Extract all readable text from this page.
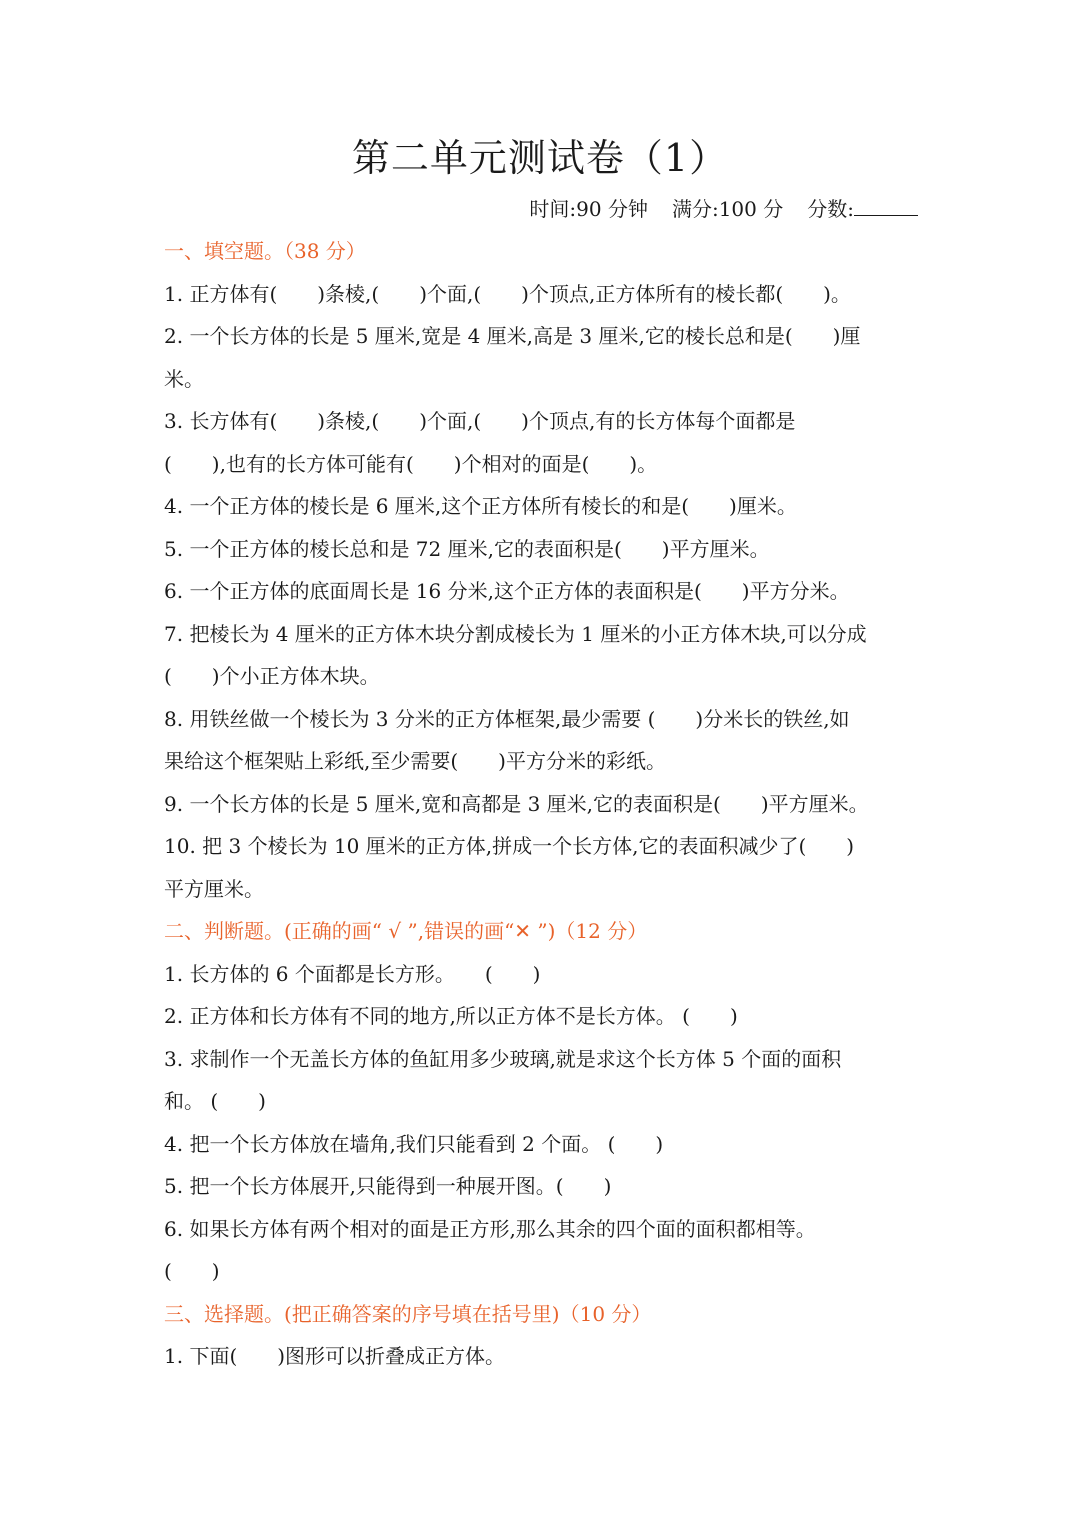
第二单元测试卷（1）
时间:90 分钟 满分:100 分 分数:
一、填空题。（38 分）
1. 正方体有(　　)条棱,(　　)个面,(　　)个顶点,正方体所有的棱长都(　　)。
2. 一个长方体的长是 5 厘米,宽是 4 厘米,高是 3 厘米,它的棱长总和是(　　)厘
米。
3. 长方体有(　　)条棱,(　　)个面,(　　)个顶点,有的长方体每个面都是
(　　),也有的长方体可能有(　　)个相对的面是(　　)。
4. 一个正方体的棱长是 6 厘米,这个正方体所有棱长的和是(　　)厘米。
5. 一个正方体的棱长总和是 72 厘米,它的表面积是(　　)平方厘米。
6. 一个正方体的底面周长是 16 分米,这个正方体的表面积是(　　)平方分米。
7. 把棱长为 4 厘米的正方体木块分割成棱长为 1 厘米的小正方体木块,可以分成
(　　)个小正方体木块。
8. 用铁丝做一个棱长为 3 分米的正方体框架,最少需要 (　　)分米长的铁丝,如
果给这个框架贴上彩纸,至少需要(　　)平方分米的彩纸。
9. 一个长方体的长是 5 厘米,宽和高都是 3 厘米,它的表面积是(　　)平方厘米。
10. 把 3 个棱长为 10 厘米的正方体,拼成一个长方体,它的表面积减少了(　　)
平方厘米。
二、判断题。(正确的画“ √ ”,错误的画“✕ ”)（12 分）
1. 长方体的 6 个面都是长方形。　　(　　)
2. 正方体和长方体有不同的地方,所以正方体不是长方体。 (　　)
3. 求制作一个无盖长方体的鱼缸用多少玻璃,就是求这个长方体 5 个面的面积
和。 (　　)
4. 把一个长方体放在墙角,我们只能看到 2 个面。 (　　)
5. 把一个长方体展开,只能得到一种展开图。(　　)
6. 如果长方体有两个相对的面是正方形,那么其余的四个面的面积都相等。
(　　)
三、选择题。(把正确答案的序号填在括号里)（10 分）
1. 下面(　　)图形可以折叠成正方体。
